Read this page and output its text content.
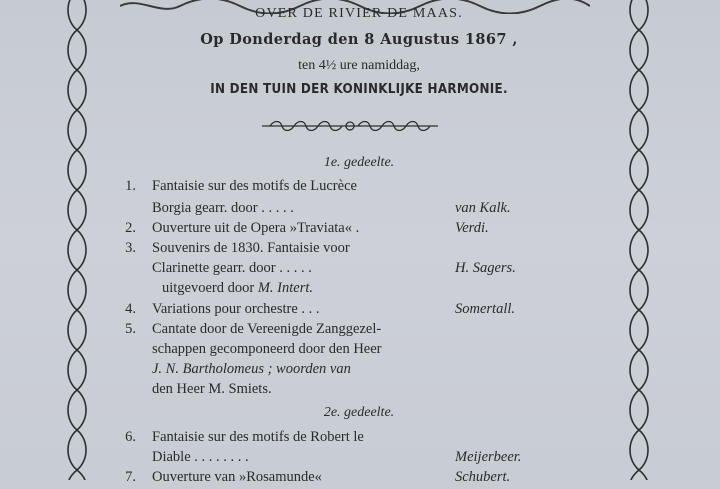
OVER DE RIVIER DE MAAS.
Op Donderdag den 8 Augustus 1867 ,
ten 4½ ure namiddag,
IN DEN TUIN DER KONINKLIJKE HARMONIE.
1e. gedeelte.
1. Fantaisie sur des motifs de Lucrèce
Borgia gearr. door . . . . .	van Kalk.
2. Ouverture uit de Opera »Traviata« .	Verdi.
3. Souvenirs de 1830. Fantaisie voor
Clarinette gearr. door . . . . .	H. Sagers.
uitgevoerd door M. Intert.
4. Variations pour orchestre . . .	Somertall.
5. Cantate door de Vereenigde Zanggezel-
schappen gecomponeerd door den Heer
J. N. Bartholomeus ; woorden van
den Heer M. Smiets.
2e. gedeelte.
6. Fantaisie sur des motifs de Robert le
Diable . . . . . . . .	Meijerbeer.
7. Ouverture van »Rosamunde«	Schubert.
